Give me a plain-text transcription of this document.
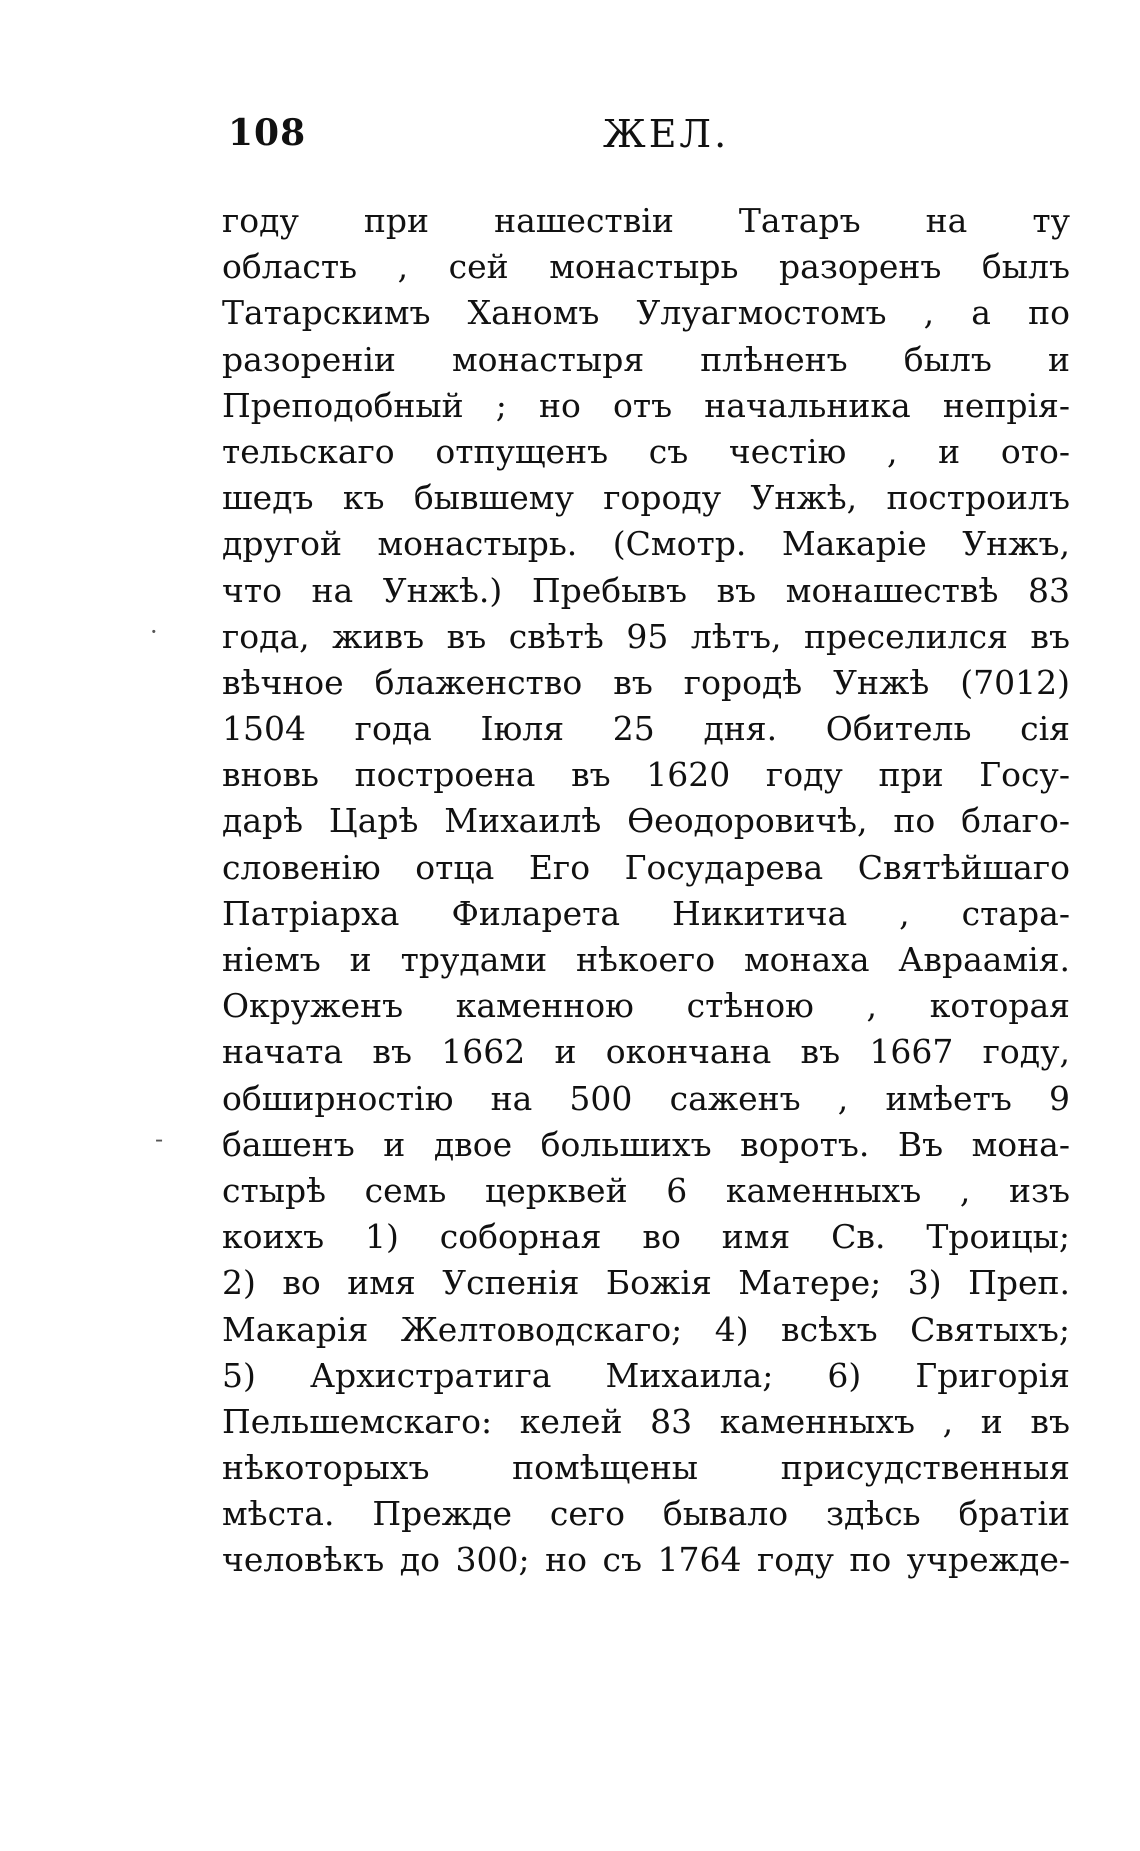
108	ЖЕЛ.
году при нашествіи Татаръ на ту
область , сей монастырь разоренъ былъ
Татарскимъ Ханомъ Улуагмостомъ , а по
разореніи монастыря плѣненъ былъ и
Преподобный ; но отъ начальника непрія-
тельскаго отпущенъ съ честію , и ото-
шедъ къ бывшему городу Унжѣ, построилъ
другой монастырь. (Смотр. Макаріе Унжъ,
что на Унжѣ.) Пребывъ въ монашествѣ 83
года, живъ въ свѣтѣ 95 лѣтъ, преселился въ
вѣчное блаженство въ городѣ Унжѣ (7012)
1504 года Іюля 25 дня. Обитель сія
вновь построена въ 1620 году при Госу-
дарѣ Царѣ Михаилѣ Ѳеодоровичѣ, по благо-
словенію отца Его Государева Святѣйшаго
Патріарха Филарета Никитича , стара-
ніемъ и трудами нѣкоего монаха Авраамія.
Окруженъ каменною стѣною , которая
начата въ 1662 и окончана въ 1667 году,
обширностію на 500 саженъ , имѣетъ 9
башенъ и двое большихъ воротъ. Въ мона-
стырѣ семь церквей 6 каменныхъ , изъ
коихъ 1) соборная во имя Св. Троицы;
2) во имя Успенія Божія Матере; 3) Преп.
Макарія Желтоводскаго; 4) всѣхъ Святыхъ;
5) Архистратига Михаила; 6) Григорія
Пельшемскаго: келей 83 каменныхъ , и въ
нѣкоторыхъ помѣщены присудственныя
мѣста. Прежде сего бывало здѣсь братіи
человѣкъ до 300; но съ 1764 году по учрежде-
·
-
